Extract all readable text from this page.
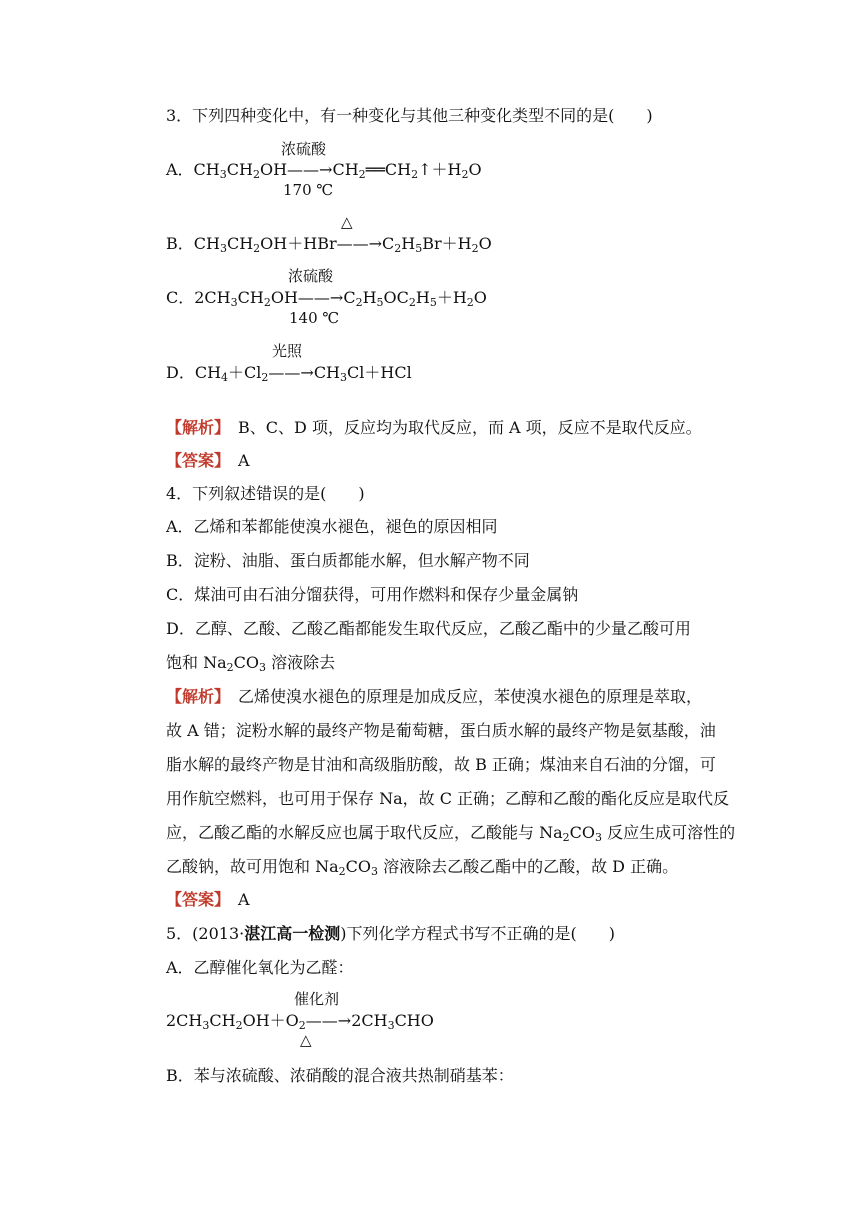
3．下列四种变化中，有一种变化与其他三种变化类型不同的是(　　)
浓硫酸
A．$CH_3CH_2OH——\to CH_2══CH_2↑+H_2O$
170 ℃
△
B．$CH_3CH_2OH+HBr——\to C_2H_5Br+H_2O$
浓硫酸
C．$2CH_3CH_2OH——\to C_2H_5OC_2H_5+H_2O$
140 ℃
光照
D．$CH_4+Cl_2——\to CH_3Cl+HCl$
【解析】　 B、C、D 项，反应均为取代反应，而 A 项，反应不是取代反应。
【答案】　 A
4．下列叙述错误的是(　　)
A．乙烯和苯都能使溴水褪色，褪色的原因相同
B．淀粉、油脂、蛋白质都能水解，但水解产物不同
C．煤油可由石油分馏获得，可用作燃料和保存少量金属钠
D．乙醇、乙酸、乙酸乙酯都能发生取代反应，乙酸乙酯中的少量乙酸可用
饱和 $Na_2CO_3$ 溶液除去
【解析】　 乙烯使溴水褪色的原理是加成反应，苯使溴水褪色的原理是萃取，
故 A 错；淀粉水解的最终产物是葡萄糖，蛋白质水解的最终产物是氨基酸，油
脂水解的最终产物是甘油和高级脂肪酸，故 B 正确；煤油来自石油的分馏，可
用作航空燃料，也可用于保存 Na，故 C 正确；乙醇和乙酸的酯化反应是取代反
应，乙酸乙酯的水解反应也属于取代反应，乙酸能与 $Na_2CO_3$ 反应生成可溶性的
乙酸钠，故可用饱和 $Na_2CO_3$ 溶液除去乙酸乙酯中的乙酸，故 D 正确。
【答案】　 A
5．(2013·湛江高一检测)下列化学方程式书写不正确的是(　　)
A．乙醇催化氧化为乙醛：
催化剂
$2CH_3CH_2OH+O_2——\to 2CH_3CHO$
△
B．苯与浓硫酸、浓硝酸的混合液共热制硝基苯：
